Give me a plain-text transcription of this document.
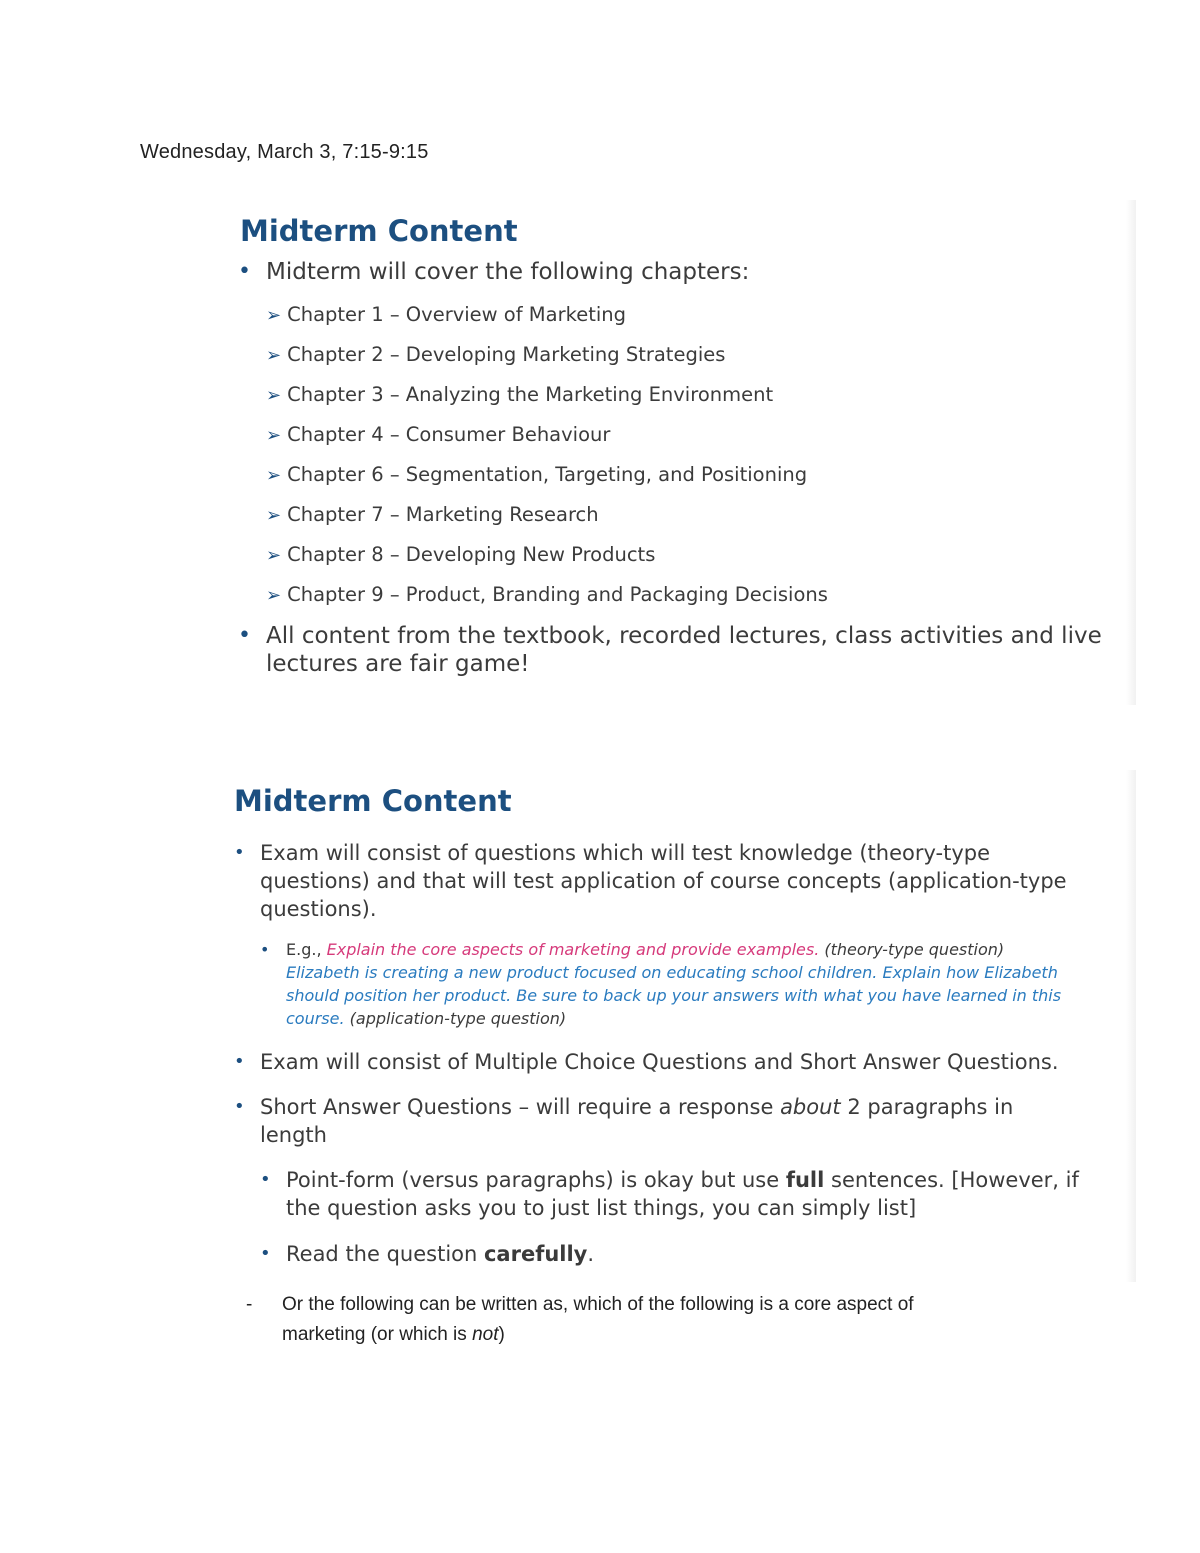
Wednesday, March 3, 7:15-9:15
Midterm Content
• Midterm will cover the following chapters:
➢ Chapter 1 – Overview of Marketing
➢ Chapter 2 – Developing Marketing Strategies
➢ Chapter 3 – Analyzing the Marketing Environment
➢ Chapter 4 – Consumer Behaviour
➢ Chapter 6 – Segmentation, Targeting, and Positioning
➢ Chapter 7 – Marketing Research
➢ Chapter 8 – Developing New Products
➢ Chapter 9 – Product, Branding and Packaging Decisions
• All content from the textbook, recorded lectures, class activities and live lectures are fair game!
Midterm Content
• Exam will consist of questions which will test knowledge (theory-type questions) and that will test application of course concepts (application-type questions).
• E.g., Explain the core aspects of marketing and provide examples. (theory-type question)
Elizabeth is creating a new product focused on educating school children. Explain how Elizabeth should position her product. Be sure to back up your answers with what you have learned in this course. (application-type question)
• Exam will consist of Multiple Choice Questions and Short Answer Questions.
• Short Answer Questions – will require a response about 2 paragraphs in length
• Point-form (versus paragraphs) is okay but use full sentences. [However, if the question asks you to just list things, you can simply list]
• Read the question carefully.
- Or the following can be written as, which of the following is a core aspect of marketing (or which is not)
